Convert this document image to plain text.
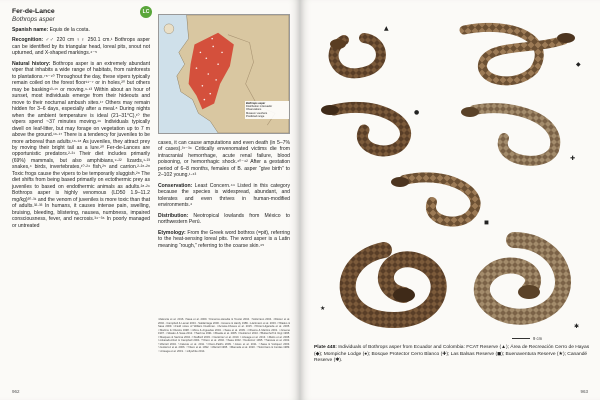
Fer-de-Lance
Bothrops asper
LC
Bothrops asper
Distribution in Ecuador
Observations
Museum vouchers
Predicted range

Spanish name: Equis de la costa.

Recognition: ♂♂ 220 cm ♀♀ 250.1 cm.¹ Bothrops asper can be identified by its triangular head, loreal pits, snout not upturned, and X-shaped markings.⁴⁻⁵

Natural history: Bothrops asper is an extremely abundant viper that inhabits a wide range of habitats, from rainforests to plantations.⁷⁸⁻⁹⁰ Throughout the day, these vipers typically remain coiled on the forest floor¹¹⁻⁷ or in holes,²⁰ but others may be basking¹³·¹⁵ or moving.⁹·¹³ Within about an hour of sunset, most individuals emerge from their hideouts and move to their nocturnal ambush sites.¹⁷ Others may remain hidden for 3–6 days, especially after a meal.⁸ During nights when the ambient temperature is ideal (21–31°C),¹⁰ the vipers spend ~37 minutes moving.¹⁹ Individuals typically dwell on leaf-litter, but may forage on vegetation up to 7 m above the ground.¹⁶·¹⁷ There is a tendency for juveniles to be more arboreal than adults.¹⁶·¹⁸ As juveniles, they attract prey by moving their bright tail as a lure.²⁰ Fer-de-Lances are opportunistic predators.²·²¹ Their diet includes primarily (69%) mammals, but also amphibians,⁹·²² lizards,¹·²³ snakes,⁴ birds, invertebrates,¹⁰·²⁴ fish,²⁵ and carrion.²·²⁶·²⁸ Toxic frogs cause the vipers to be temporarily sluggish.²⁸ The diet shifts from being based primarily on ectothermic prey as juveniles to based on endothermic animals as adults.²⁸·²⁹ Bothrops asper is highly venomous (LD50 1.9–11.2 mg/kg)³⁰·³¹ and the venom of juveniles is more toxic than that of adults.³²·³³ In humans, it causes intense pain, swelling, bruising, bleeding, blistering, nausea, numbness, impaired consciousness, fever, and necrosis.³⁴⁻³⁶ In poorly managed or untreated

cases, it can cause amputations and even death (in 5–7% of cases).³⁷⁻³⁹ Critically envenomated victims die from intracranial hemorrhage, acute renal failure, blood poisoning, or hemorrhagic shock.⁴⁰⁻⁴² After a gestation period of 6–8 months, females of B. asper “give birth” to 2–102 young.¹·⁴³

Conservation: Least Concern.⁴⁴ Listed in this category because the species is widespread, abundant, and tolerates and even thrives in human-modified environments.⁴

Distribution: Neotropical lowlands from México to northwestern Perú.

Etymology: From the Greek word bothros (=pit), referring to the heat-sensing loreal pits. The word asper is a Latin meaning “rough,” referring to the coarse skin.⁴⁵

¹Valencia et al. 2016. ²Sasa et al. 2009. ³Cisneros-Heredia & Touzet 2004. ⁴Solórzano 2004. ⁵Wüster et al. 2002. ⁶Campbell & Lamar 2004. ⁷Saldarriaga 2000. ⁸Greene & Hardy 1989. ⁹Hartmann et al. 2003. ¹⁰Wasko & Sasa 2009. ¹¹Field notes of William Duellman. ¹²Acosta-Chaves et al. 2015. ¹³Pérez-Higareda et al. 2005. ¹⁴Martins & Oliveira 1998. ¹⁵Mora & Arguedas 2004. ¹⁶Sasa et al. 2009. ¹⁷Oliveira & Martins 2001. ¹⁸Greene 1997. ¹⁹Wasko & Sasa 2012. ²⁰Sazima 1991. ²¹Boada et al. 2005. ²²Gutiérrez 2010. ²³Buttenhoff & Vogt 1995. ²⁴Marques & Sazima 2004. ²⁵Stafford 2003. ²⁶Gutiérrez et al. 2010. ²⁷Arteaga et al. 2013. ²⁸Mebs et al. 2008. ²⁹Alvarado-Díaz & Campbell 2004. ³⁰Otero et al. 2002. ³¹Sasa 2002. ³²Gutiérrez 1995. ³³Saravia et al. 2002. ³⁴Warrell 2004. ³⁵Calvete et al. 2011. ³⁶Otero-Patiño 2009. ³⁷Alves et al. 2011. ³⁸Sasa & Vázquez 2003. ³⁹Gutiérrez et al. 2006. ⁴⁰Otero et al. 1992. ⁴¹Warrell 1995. ⁴²Mamede et al. 2020. ⁴³Solórzano & Cerdas 1989. ⁴⁴Arteaga et al. 2019. ⁴⁵Lillywhite 2014.
962
▲
◆
●
✚
◼
★
✱
9 cm
Plate 448: Individuals of Bothrops asper from Ecuador and Colombia: FCAT Reserve (▲); Área de Recreación Cerro de Hayas (◆); Mompiche Lodge (●); Bosque Protector Cerro Blanco (✚); Las Balsas Reserve (◼); Buenaventura Reserve (★); Canandé Reserve (✱).
963
